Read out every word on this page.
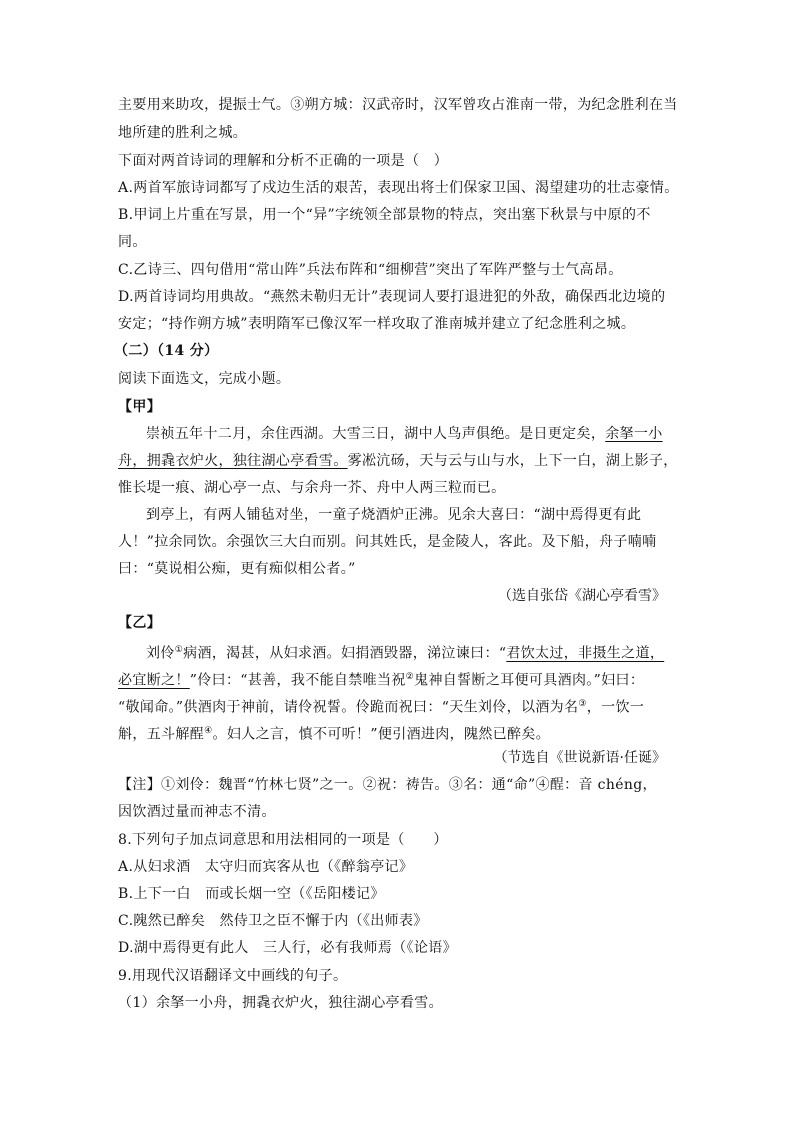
主要用来助攻，提振士气。③朔方城：汉武帝时，汉军曾攻占淮南一带，为纪念胜利在当
地所建的胜利之城。
下面对两首诗词的理解和分析不正确的一项是（　）
A.两首军旅诗词都写了戍边生活的艰苦，表现出将士们保家卫国、渴望建功的壮志豪情。
B.甲词上片重在写景，用一个“异”字统领全部景物的特点，突出塞下秋景与中原的不
同。
C.乙诗三、四句借用“常山阵”兵法布阵和“细柳营”突出了军阵严整与士气高昂。
D.两首诗词均用典故。“燕然未勒归无计”表现词人要打退进犯的外敌，确保西北边境的
安定；“持作朔方城”表明隋军已像汉军一样攻取了淮南城并建立了纪念胜利之城。
（二）（14 分）
阅读下面选文，完成小题。
【甲】
崇祯五年十二月，余住西湖。大雪三日，湖中人鸟声俱绝。是日更定矣，余拏一小
舟，拥毳衣炉火，独往湖心亭看雪。雾凇沆砀，天与云与山与水，上下一白，湖上影子，
惟长堤一痕、湖心亭一点、与余舟一芥、舟中人两三粒而已。
到亭上，有两人铺毡对坐，一童子烧酒炉正沸。见余大喜曰：“湖中焉得更有此
人！”拉余同饮。余强饮三大白而别。问其姓氏，是金陵人，客此。及下船，舟子喃喃
曰：“莫说相公痴，更有痴似相公者。”
（选自张岱《湖心亭看雪》
【乙】
刘伶①病酒，渴甚，从妇求酒。妇捐酒毁器，涕泣谏曰：“君饮太过，非摄生之道，
必宜断之！”伶曰：“甚善，我不能自禁唯当祝②鬼神自誓断之耳便可具酒肉。”妇曰：
“敬闻命。”供酒肉于神前，请伶祝誓。伶跪而祝曰：“天生刘伶，以酒为名③，一饮一
斛，五斗解酲④。妇人之言，慎不可听！”便引酒进肉，隗然已醉矣。
（节选自《世说新语·任诞》
【注】①刘伶：魏晋“竹林七贤”之一。②祝：祷告。③名：通“命”④酲：音 chéng，
因饮酒过量而神志不清。
8.下列句子加点词意思和用法相同的一项是（　　）
A.从妇求酒　太守归而宾客从也（《醉翁亭记》
B.上下一白　而或长烟一空（《岳阳楼记》
C.隗然已醉矣　然侍卫之臣不懈于内（《出师表》
D.湖中焉得更有此人　三人行，必有我师焉（《论语》
9.用现代汉语翻译文中画线的句子。
（1）余拏一小舟，拥毳衣炉火，独往湖心亭看雪。
